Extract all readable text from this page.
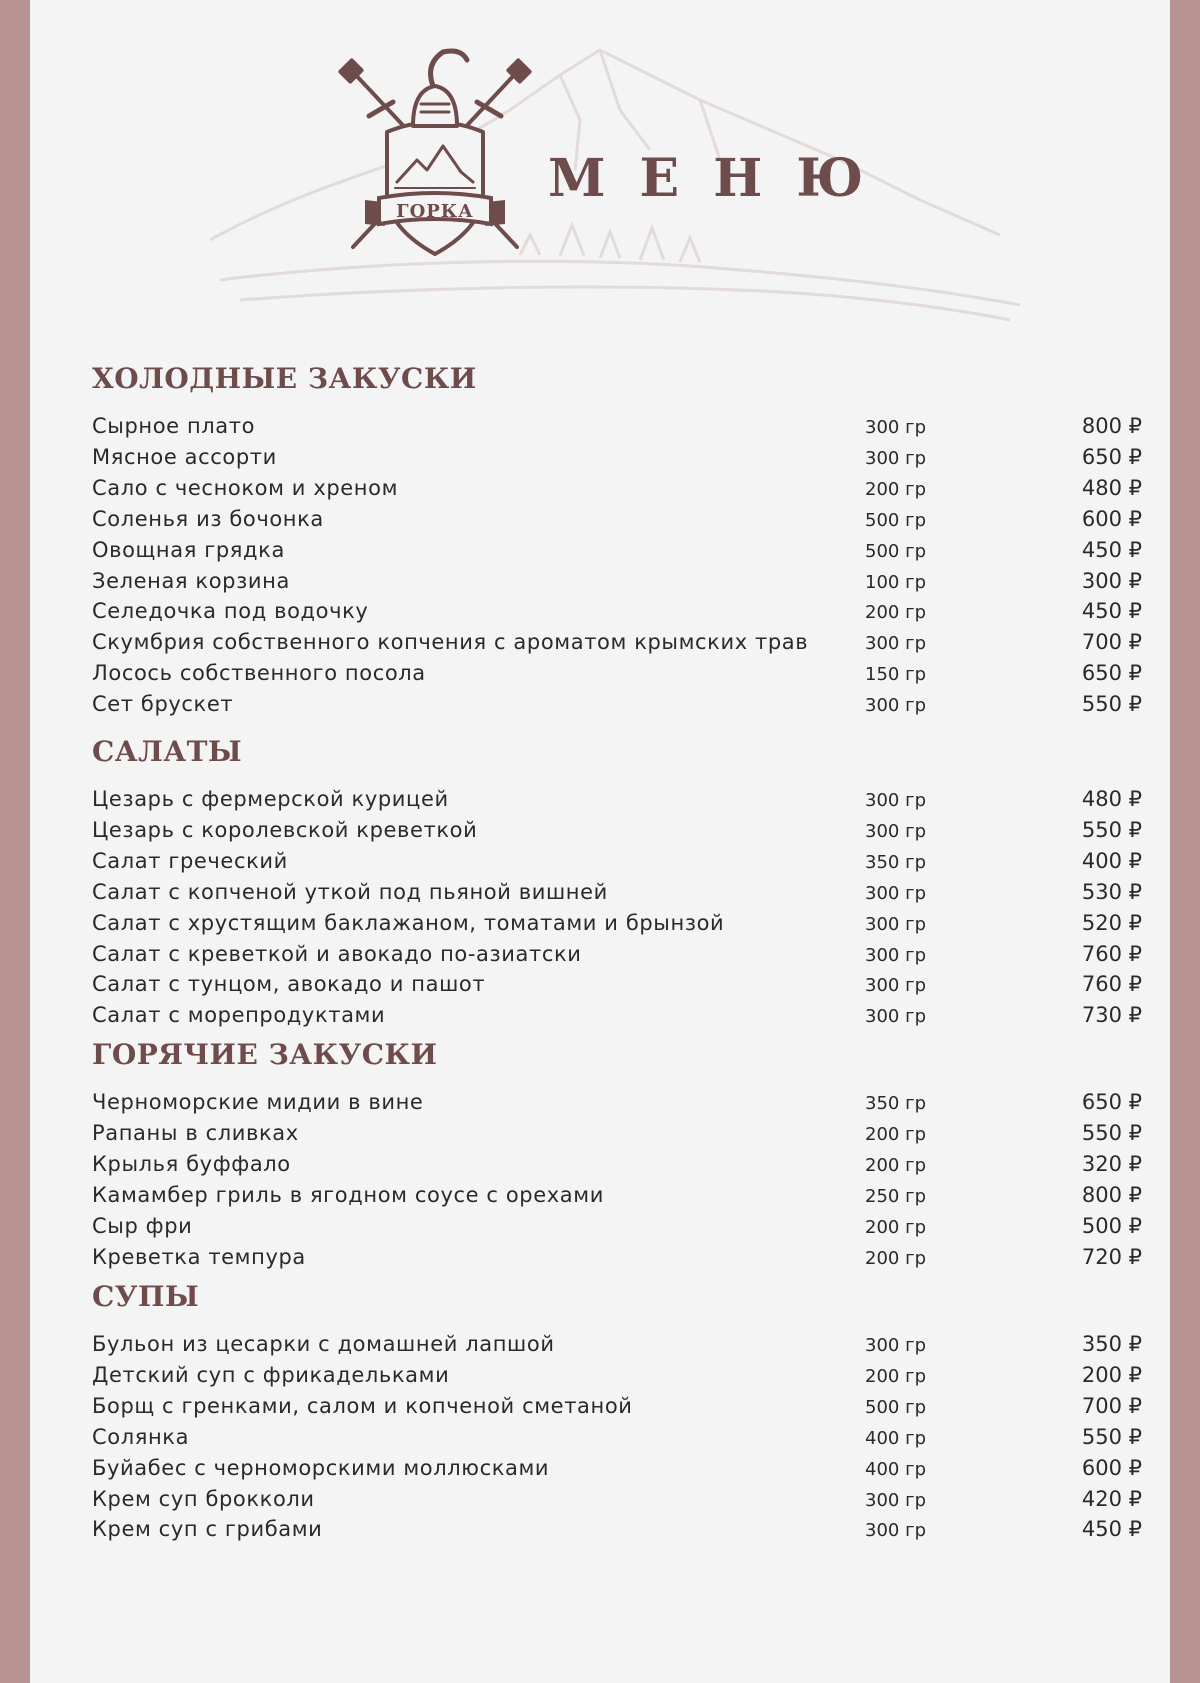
ГОРКА
МЕНЮ
ХОЛОДНЫЕ ЗАКУСКИ
Сырное плато	300 гр	800 ₽
Мясное ассорти	300 гр	650 ₽
Сало с чесноком и хреном	200 гр	480 ₽
Соленья из бочонка	500 гр	600 ₽
Овощная грядка	500 гр	450 ₽
Зеленая корзина	100 гр	300 ₽
Селедочка под водочку	200 гр	450 ₽
Скумбрия собственного копчения с ароматом крымских трав	300 гр	700 ₽
Лосось собственного посола	150 гр	650 ₽
Сет брускет	300 гр	550 ₽
САЛАТЫ
Цезарь с фермерской курицей	300 гр	480 ₽
Цезарь с королевской креветкой	300 гр	550 ₽
Салат греческий	350 гр	400 ₽
Салат с копченой уткой под пьяной вишней	300 гр	530 ₽
Салат с хрустящим баклажаном, томатами и брынзой	300 гр	520 ₽
Салат с креветкой и авокадо по-азиатски	300 гр	760 ₽
Салат с тунцом, авокадо и пашот	300 гр	760 ₽
Салат с морепродуктами	300 гр	730 ₽
ГОРЯЧИЕ ЗАКУСКИ
Черноморские мидии в вине	350 гр	650 ₽
Рапаны в сливках	200 гр	550 ₽
Крылья буффало	200 гр	320 ₽
Камамбер гриль в ягодном соусе с орехами	250 гр	800 ₽
Сыр фри	200 гр	500 ₽
Креветка темпура	200 гр	720 ₽
СУПЫ
Бульон из цесарки с домашней лапшой	300 гр	350 ₽
Детский суп с фрикадельками	200 гр	200 ₽
Борщ с гренками, салом и копченой сметаной	500 гр	700 ₽
Солянка	400 гр	550 ₽
Буйабес с черноморскими моллюсками	400 гр	600 ₽
Крем суп брокколи	300 гр	420 ₽
Крем суп с грибами	300 гр	450 ₽
